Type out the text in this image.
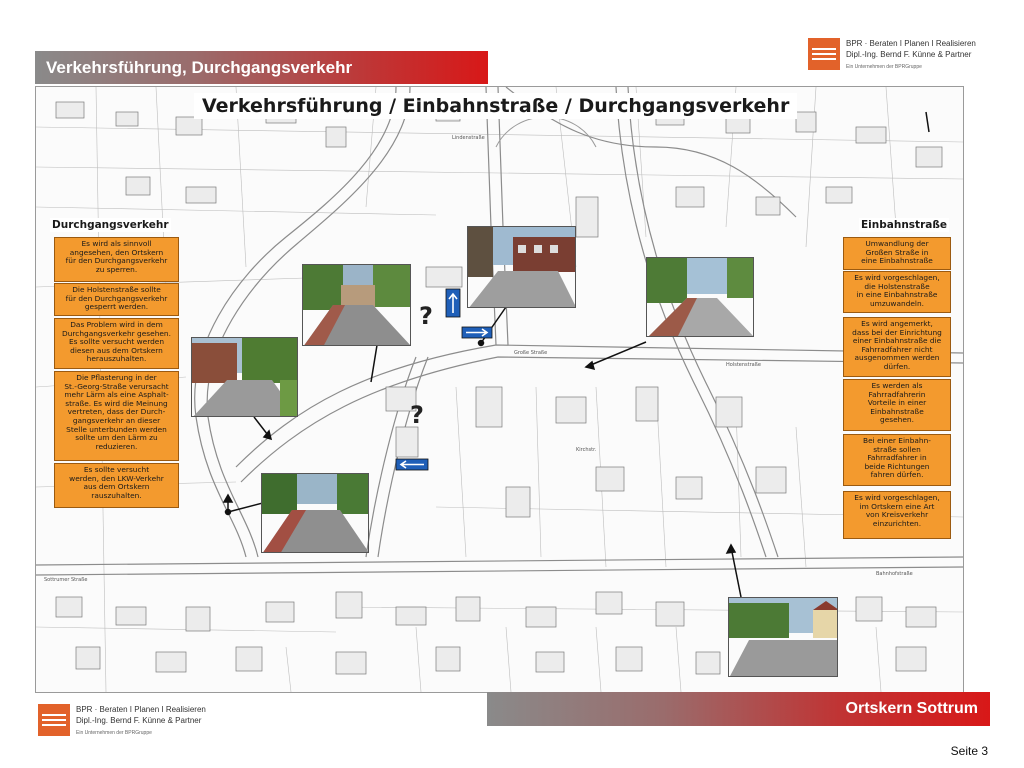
Verkehrsführung, Durchgangsverkehr
BPR · Beraten I Planen I Realisieren
Dipl.-Ing. Bernd F. Künne & Partner
Ein Unternehmen der BPRGruppe
Verkehrsführung / Einbahnstraße / Durchgangsverkehr
Lindenstraße
Große Straße
Holstenstraße
Kirchstr.
Sottrumer Straße
Bahnhofstraße
?
?
Durchgangsverkehr	Einbahnstraße
Es wird als sinnvoll
angesehen, den Ortskern
für den Durchgangsverkehr
zu sperren.
Die Holstenstraße sollte
für den Durchgangsverkehr
gesperrt werden.
Das Problem wird in dem
Durchgangsverkehr gesehen.
Es sollte versucht werden
diesen aus dem Ortskern
herauszuhalten.
Die Pflasterung in der
St.-Georg-Straße verursacht
mehr Lärm als eine Asphalt-
straße. Es wird die Meinung
vertreten, dass der Durch-
gangsverkehr an dieser
Stelle unterbunden werden
sollte um den Lärm zu
reduzieren.
Es sollte versucht
werden, den LKW-Verkehr
aus dem Ortskern
rauszuhalten.
Umwandlung der
Großen Straße in
eine Einbahnstraße
Es wird vorgeschlagen,
die Holstenstraße
in eine Einbahnstraße
umzuwandeln.
Es wird angemerkt,
dass bei der Einrichtung
einer Einbahnstraße die
Fahrradfahrer nicht
ausgenommen werden
dürfen.
Es werden als
Fahrradfahrerin
Vorteile in einer
Einbahnstraße
gesehen.
Bei einer Einbahn-
straße sollen
Fahrradfahrer in
beide Richtungen
fahren dürfen.
Es wird vorgeschlagen,
im Ortskern eine Art
von Kreisverkehr
einzurichten.
Ortskern Sottrum
BPR · Beraten I Planen I Realisieren
Dipl.-Ing. Bernd F. Künne & Partner
Ein Unternehmen der BPRGruppe
Seite 3
